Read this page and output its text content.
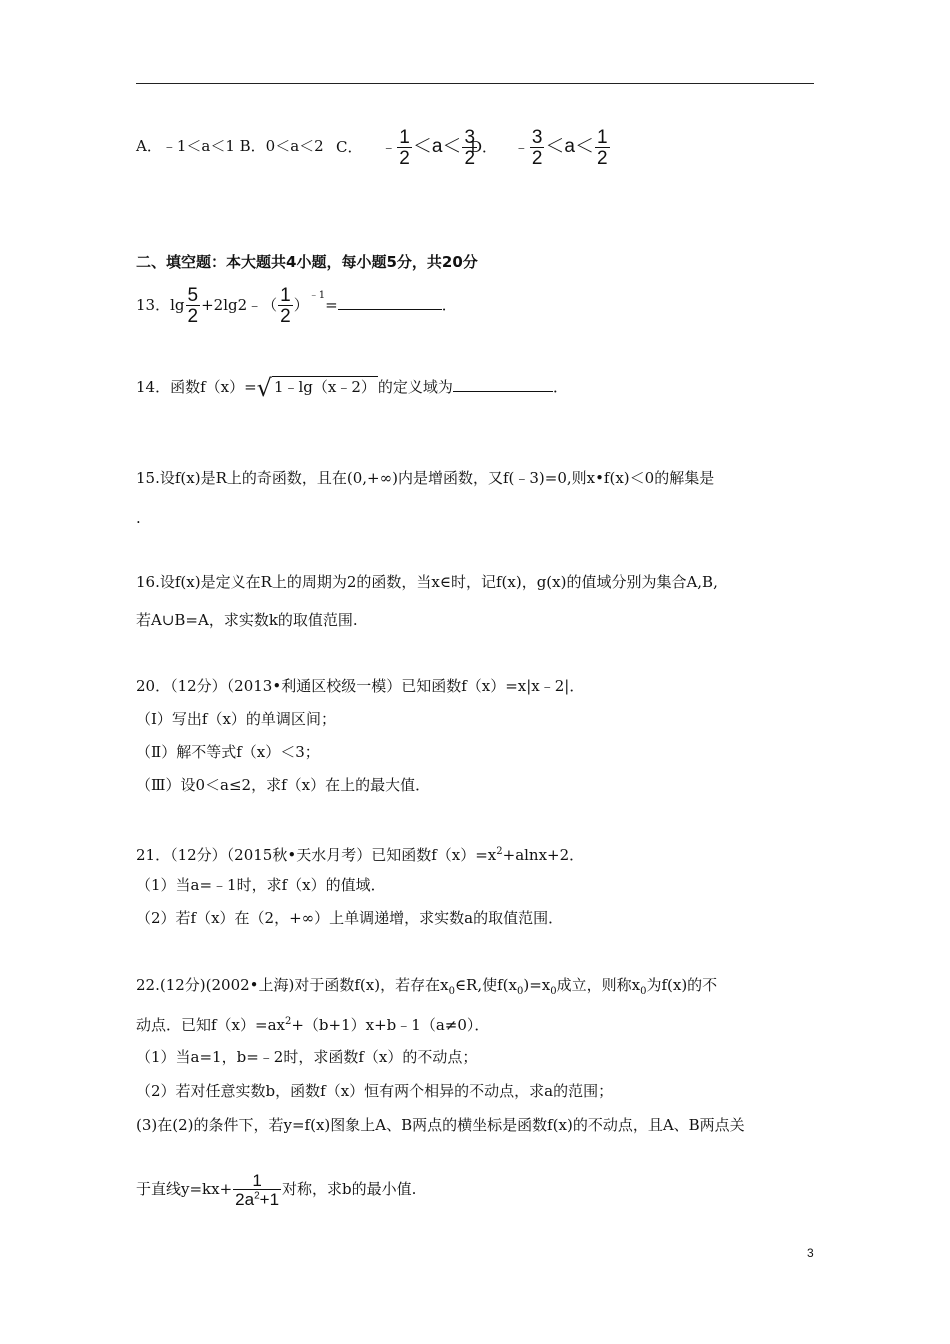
A．﹣1＜a＜1 B．0＜a＜2 C． ﹣ $\frac{1}{2} <a< \frac{3}{2}$
D． ﹣ $\frac{3}{2} <a< \frac{1}{2}$
二、填空题：本大题共4小题，每小题5分，共20分
13．$\lg \frac{5}{2}$ +2lg2﹣（ $\frac{1}{2} )^{﹣1}=$	．
14．函数f（x）=√ 1﹣lg（x﹣2） 的定义域为	．
15.设f(x)是R上的奇函数，且在(0,+∞)内是增函数，又f(﹣3)=0,则x•f(x)＜0的解集是
.
16.设f(x)是定义在R上的周期为2的函数，当x∈时，记f(x)，g(x)的值域分别为集合A,B,
若A∪B=A，求实数k的取值范围.
20．（12分）（2013•利通区校级一模）已知函数f（x）=x|x﹣2|．
（Ⅰ）写出f（x）的单调区间；
（Ⅱ）解不等式f（x）＜3；
（Ⅲ）设0＜a≤2，求f（x）在上的最大值．
21．（12分）（2015秋•天水月考）已知函数$f(x)=x^2+alnx+2$．
（1）当a=﹣1时，求f（x）的值域．
（2）若f（x）在（2，+∞）上单调递增，求实数a的取值范围．
22.(12分)(2002•上海)对于函数f(x)，若存在$x_0\in R$,使$f(x_0)=x_0$成立，则称$x_0$为f(x)的不
动点．已知$f(x)=ax^2+(b+1)x+b﹣1(a\ne 0)$．
（1）当a=1，b=﹣2时，求函数f（x）的不动点；
（2）若对任意实数b，函数f（x）恒有两个相异的不动点，求a的范围；
(3)在(2)的条件下，若y=f(x)图象上A、B两点的横坐标是函数f(x)的不动点，且A、B两点关
于直线$y=kx+ \frac{1}{2a^2+1}$ 对称，求b的最小值.
3
